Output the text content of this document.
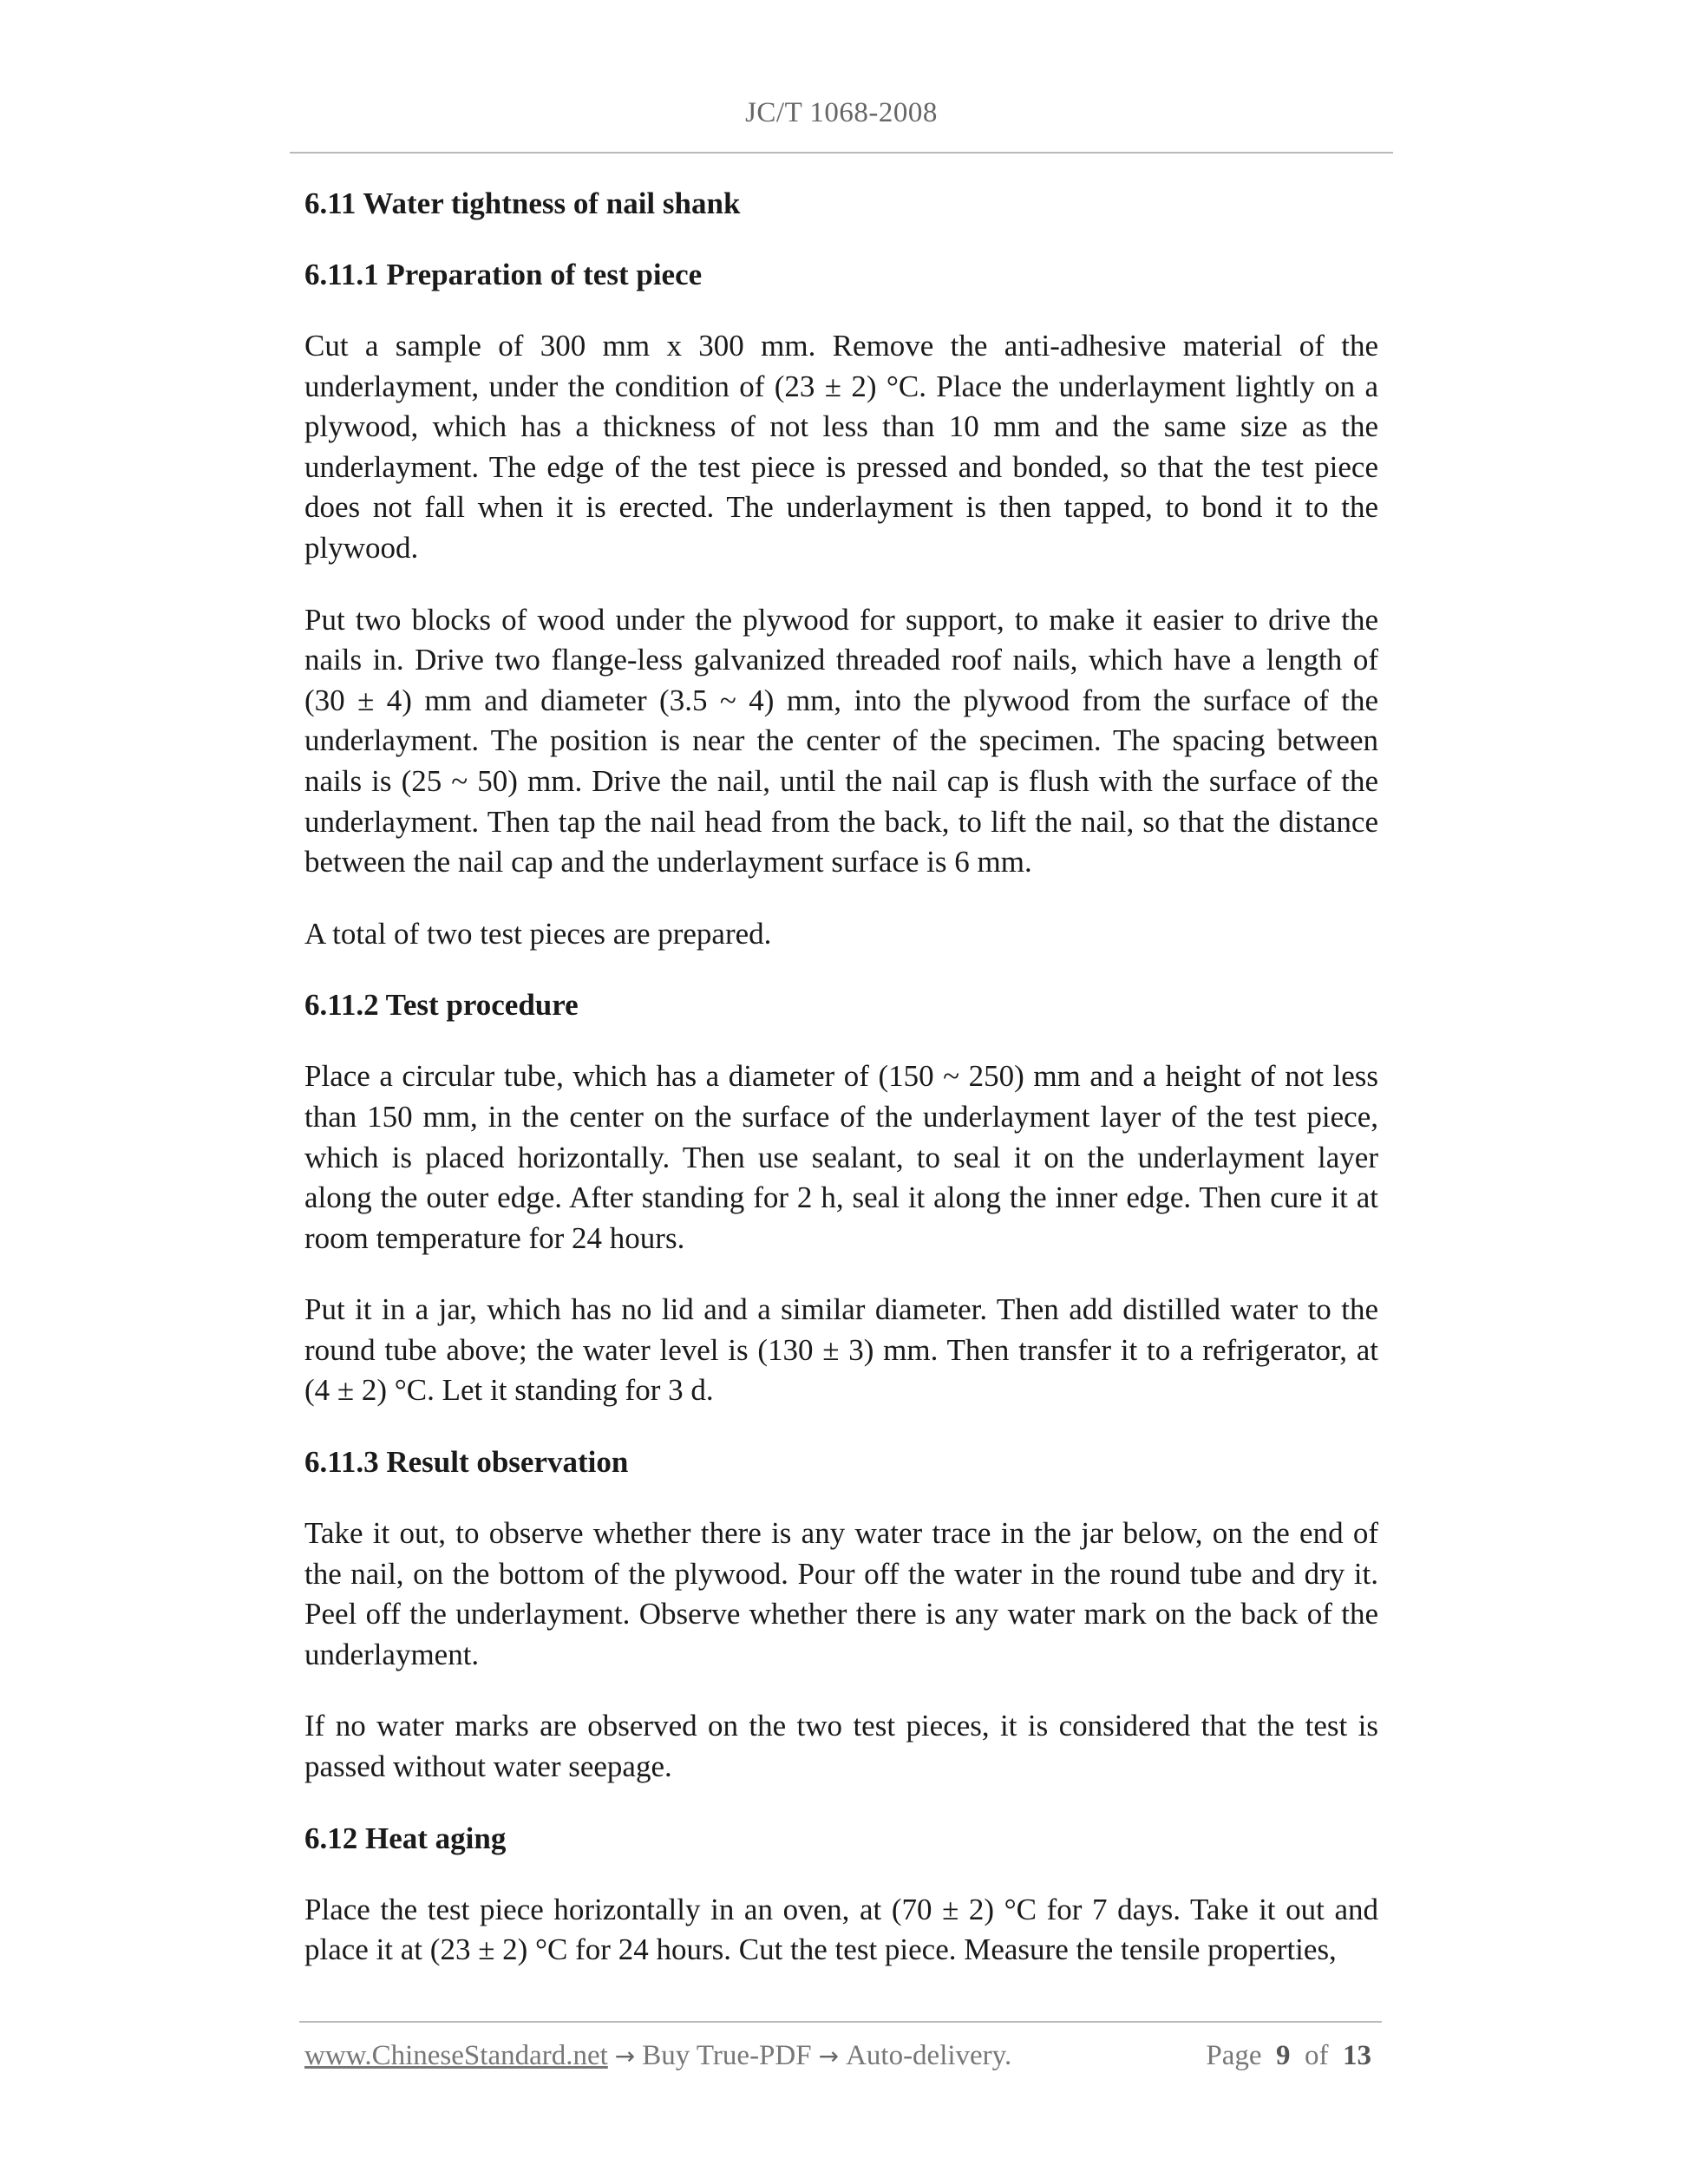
JC/T 1068-2008
6.11 Water tightness of nail shank
6.11.1 Preparation of test piece

Cut a sample of 300 mm x 300 mm. Remove the anti-adhesive material of the underlayment, under the condition of (23 ± 2) °C. Place the underlayment lightly on a plywood, which has a thickness of not less than 10 mm and the same size as the underlayment. The edge of the test piece is pressed and bonded, so that the test piece does not fall when it is erected. The underlayment is then tapped, to bond it to the plywood.

Put two blocks of wood under the plywood for support, to make it easier to drive the nails in. Drive two flange-less galvanized threaded roof nails, which have a length of (30 ± 4) mm and diameter (3.5 ~ 4) mm, into the plywood from the surface of the underlayment. The position is near the center of the specimen. The spacing between nails is (25 ~ 50) mm. Drive the nail, until the nail cap is flush with the surface of the underlayment. Then tap the nail head from the back, to lift the nail, so that the distance between the nail cap and the underlayment surface is 6 mm.

A total of two test pieces are prepared.

6.11.2 Test procedure

Place a circular tube, which has a diameter of (150 ~ 250) mm and a height of not less than 150 mm, in the center on the surface of the underlayment layer of the test piece, which is placed horizontally. Then use sealant, to seal it on the underlayment layer along the outer edge. After standing for 2 h, seal it along the inner edge. Then cure it at room temperature for 24 hours.

Put it in a jar, which has no lid and a similar diameter. Then add distilled water to the round tube above; the water level is (130 ± 3) mm. Then transfer it to a refrigerator, at (4 ± 2) °C. Let it standing for 3 d.

6.11.3 Result observation

Take it out, to observe whether there is any water trace in the jar below, on the end of the nail, on the bottom of the plywood. Pour off the water in the round tube and dry it. Peel off the underlayment. Observe whether there is any water mark on the back of the underlayment.

If no water marks are observed on the two test pieces, it is considered that the test is passed without water seepage.

6.12 Heat aging

Place the test piece horizontally in an oven, at (70 ± 2) °C for 7 days. Take it out and place it at (23 ± 2) °C for 24 hours. Cut the test piece. Measure the tensile properties,

www.ChineseStandard.net → Buy True-PDF → Auto-delivery.	Page 9 of 13
